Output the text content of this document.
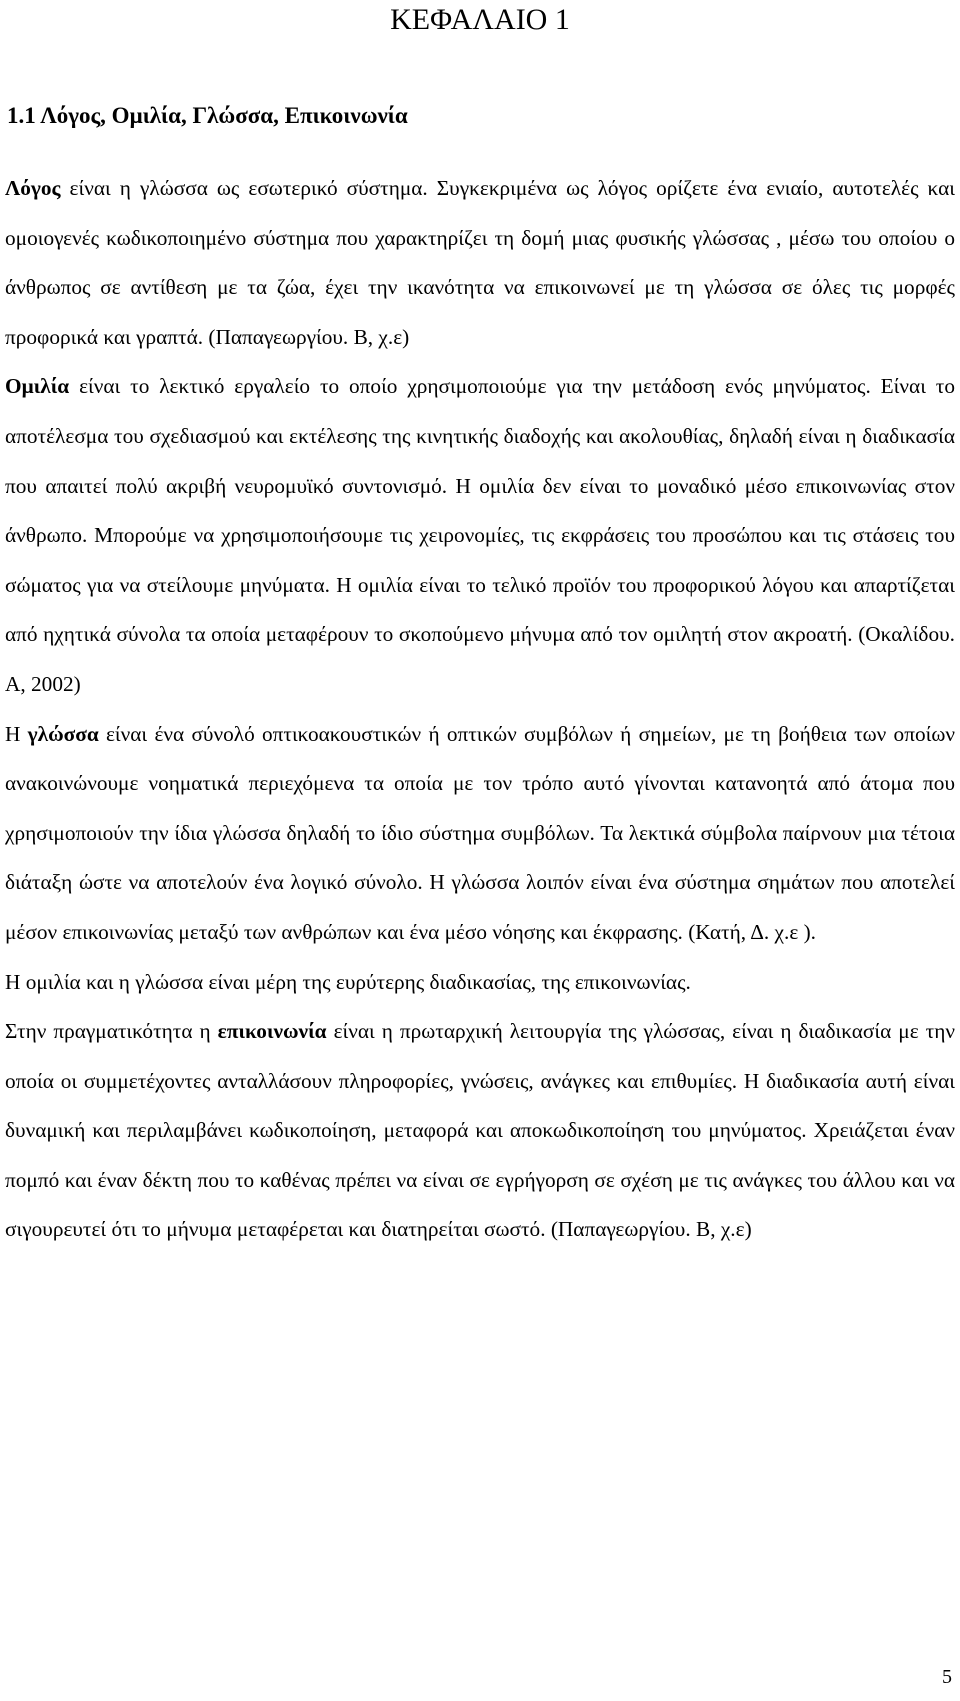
ΚΕΦΑΛΑΙΟ 1
1.1 Λόγος, Ομιλία, Γλώσσα, Επικοινωνία

Λόγος είναι η γλώσσα ως εσωτερικό σύστημα. Συγκεκριμένα ως λόγος ορίζετε ένα ενιαίο, αυτοτελές και ομοιογενές κωδικοποιημένο σύστημα που χαρακτηρίζει τη δομή μιας φυσικής γλώσσας , μέσω του οποίου ο άνθρωπος σε αντίθεση με τα ζώα, έχει την ικανότητα να επικοινωνεί με τη γλώσσα σε όλες τις μορφές προφορικά και γραπτά. (Παπαγεωργίου. Β, χ.ε)

Ομιλία είναι το λεκτικό εργαλείο το οποίο χρησιμοποιούμε για την μετάδοση ενός μηνύματος. Είναι το αποτέλεσμα του σχεδιασμού και εκτέλεσης της κινητικής διαδοχής και ακολουθίας, δηλαδή είναι η διαδικασία που απαιτεί πολύ ακριβή νευρομυϊκό συντονισμό. Η ομιλία δεν είναι το μοναδικό μέσο επικοινωνίας στον άνθρωπο. Μπορούμε να χρησιμοποιήσουμε τις χειρονομίες, τις εκφράσεις του προσώπου και τις στάσεις του σώματος για να στείλουμε μηνύματα. Η ομιλία είναι το τελικό προϊόν του προφορικού λόγου και απαρτίζεται από ηχητικά σύνολα τα οποία μεταφέρουν το σκοπούμενο μήνυμα από τον ομιλητή στον ακροατή. (Οκαλίδου. Α, 2002)

Η γλώσσα είναι ένα σύνολό οπτικοακουστικών ή οπτικών συμβόλων ή σημείων, με τη βοήθεια των οποίων ανακοινώνουμε νοηματικά περιεχόμενα τα οποία με τον τρόπο αυτό γίνονται κατανοητά από άτομα που χρησιμοποιούν την ίδια γλώσσα δηλαδή το ίδιο σύστημα συμβόλων. Τα λεκτικά σύμβολα παίρνουν μια τέτοια διάταξη ώστε να αποτελούν ένα λογικό σύνολο. Η γλώσσα λοιπόν είναι ένα σύστημα σημάτων που αποτελεί μέσον επικοινωνίας μεταξύ των ανθρώπων και ένα μέσο νόησης και έκφρασης. (Κατή, Δ. χ.ε ).

Η ομιλία και η γλώσσα είναι μέρη της ευρύτερης διαδικασίας, της επικοινωνίας.

Στην πραγματικότητα η επικοινωνία είναι η πρωταρχική λειτουργία της γλώσσας, είναι η διαδικασία με την οποία οι συμμετέχοντες ανταλλάσουν πληροφορίες, γνώσεις, ανάγκες και επιθυμίες. Η διαδικασία αυτή είναι δυναμική και περιλαμβάνει κωδικοποίηση, μεταφορά και αποκωδικοποίηση του μηνύματος. Χρειάζεται έναν πομπό και έναν δέκτη που το καθένας πρέπει να είναι σε εγρήγορση σε σχέση με τις ανάγκες του άλλου και να σιγουρευτεί ότι το μήνυμα μεταφέρεται και διατηρείται σωστό. (Παπαγεωργίου. Β, χ.ε)

5
